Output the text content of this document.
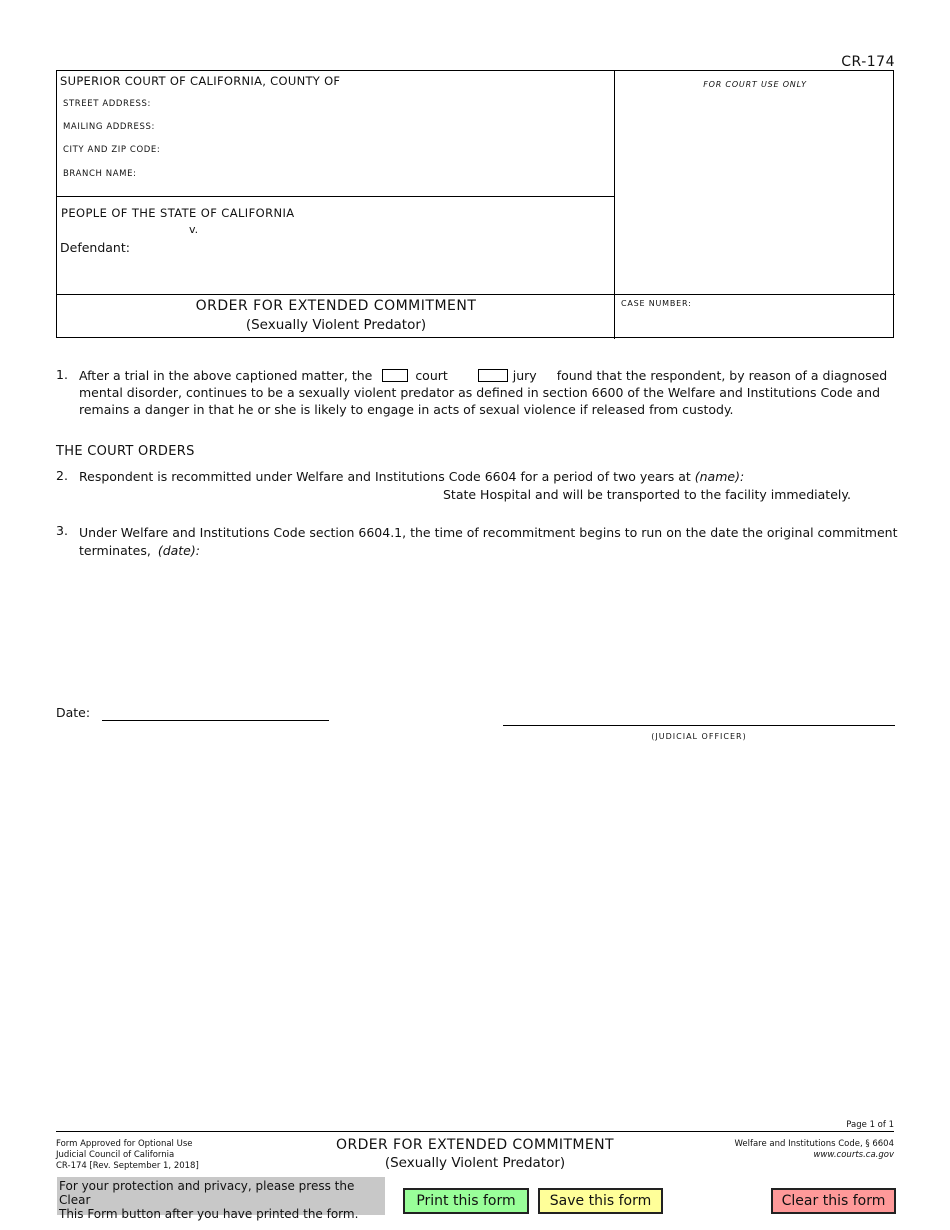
CR-174
SUPERIOR COURT OF CALIFORNIA, COUNTY OF
STREET ADDRESS:
MAILING ADDRESS:
CITY AND ZIP CODE:
BRANCH NAME:
FOR COURT USE ONLY
PEOPLE OF THE STATE OF CALIFORNIA
v.
Defendant:
ORDER FOR EXTENDED COMMITMENT
(Sexually Violent Predator)
CASE NUMBER:
1. After a trial in the above captioned matter, the	court	jury found that the respondent, by reason of a diagnosed
mental disorder, continues to be a sexually violent predator as defined in section 6600 of the Welfare and Institutions Code and
remains a danger in that he or she is likely to engage in acts of sexual violence if released from custody.
THE COURT ORDERS
2. Respondent is recommitted under Welfare and Institutions Code 6604 for a period of two years at (name):
State Hospital and will be transported to the facility immediately.
3. Under Welfare and Institutions Code section 6604.1, the time of recommitment begins to run on the date the original commitment
terminates, (date):
Date:
(JUDICIAL OFFICER)
Page 1 of 1
Form Approved for Optional Use
Judicial Council of California
CR-174 [Rev. September 1, 2018]
ORDER FOR EXTENDED COMMITMENT
(Sexually Violent Predator)
Welfare and Institutions Code, § 6604
www.courts.ca.gov
For your protection and privacy, please press the Clear
This Form button after you have printed the form.
Print this form	Save this form	Clear this form
